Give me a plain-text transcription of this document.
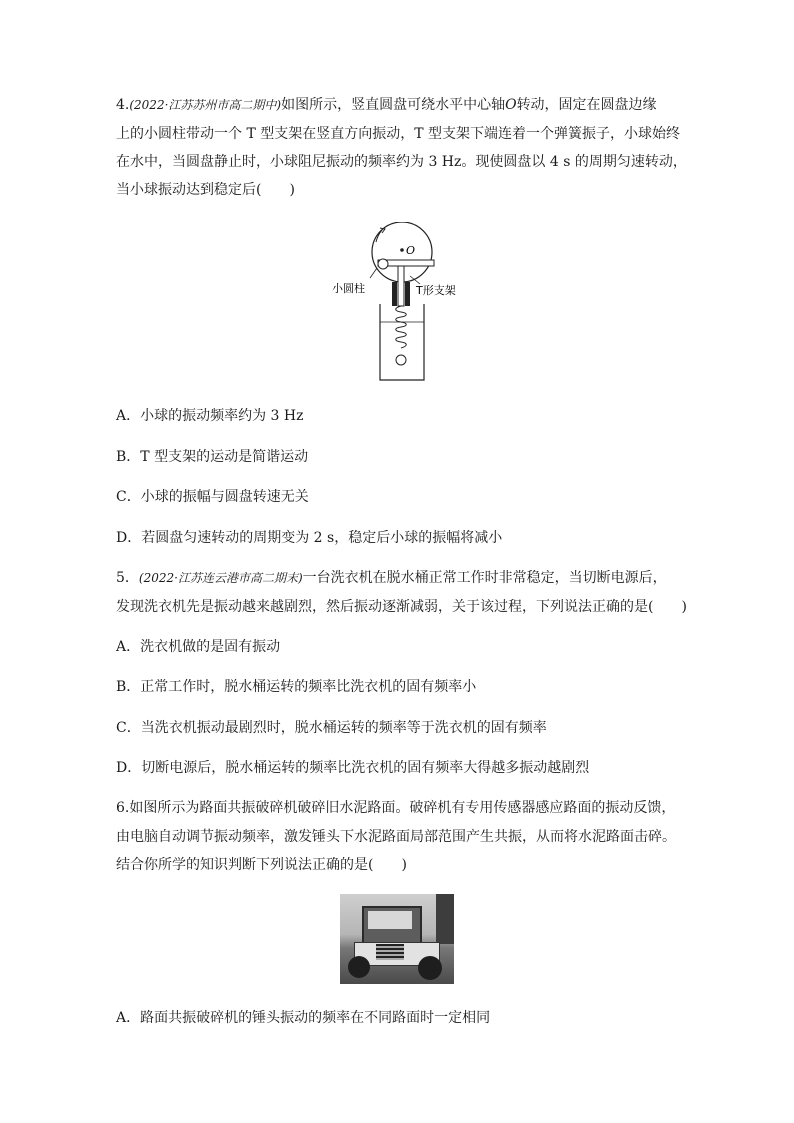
4.(2022·江苏苏州市高二期中)如图所示，竖直圆盘可绕水平中心轴O转动，固定在圆盘边缘
上的小圆柱带动一个 T 型支架在竖直方向振动，T 型支架下端连着一个弹簧振子，小球始终
在水中，当圆盘静止时，小球阻尼振动的频率约为 3 Hz。现使圆盘以 4 s 的周期匀速转动，
当小球振动达到稳定后(　　)
O
小圆柱	T形支架
A．小球的振动频率约为 3 Hz
B．T 型支架的运动是简谐运动
C．小球的振幅与圆盘转速无关
D．若圆盘匀速转动的周期变为 2 s，稳定后小球的振幅将减小
5．(2022·江苏连云港市高二期末)一台洗衣机在脱水桶正常工作时非常稳定，当切断电源后，
发现洗衣机先是振动越来越剧烈，然后振动逐渐减弱，关于该过程，下列说法正确的是(　　)
A．洗衣机做的是固有振动
B．正常工作时，脱水桶运转的频率比洗衣机的固有频率小
C．当洗衣机振动最剧烈时，脱水桶运转的频率等于洗衣机的固有频率
D．切断电源后，脱水桶运转的频率比洗衣机的固有频率大得越多振动越剧烈
6.如图所示为路面共振破碎机破碎旧水泥路面。破碎机有专用传感器感应路面的振动反馈，
由电脑自动调节振动频率，激发锤头下水泥路面局部范围产生共振，从而将水泥路面击碎。
结合你所学的知识判断下列说法正确的是(　　)
A．路面共振破碎机的锤头振动的频率在不同路面时一定相同
